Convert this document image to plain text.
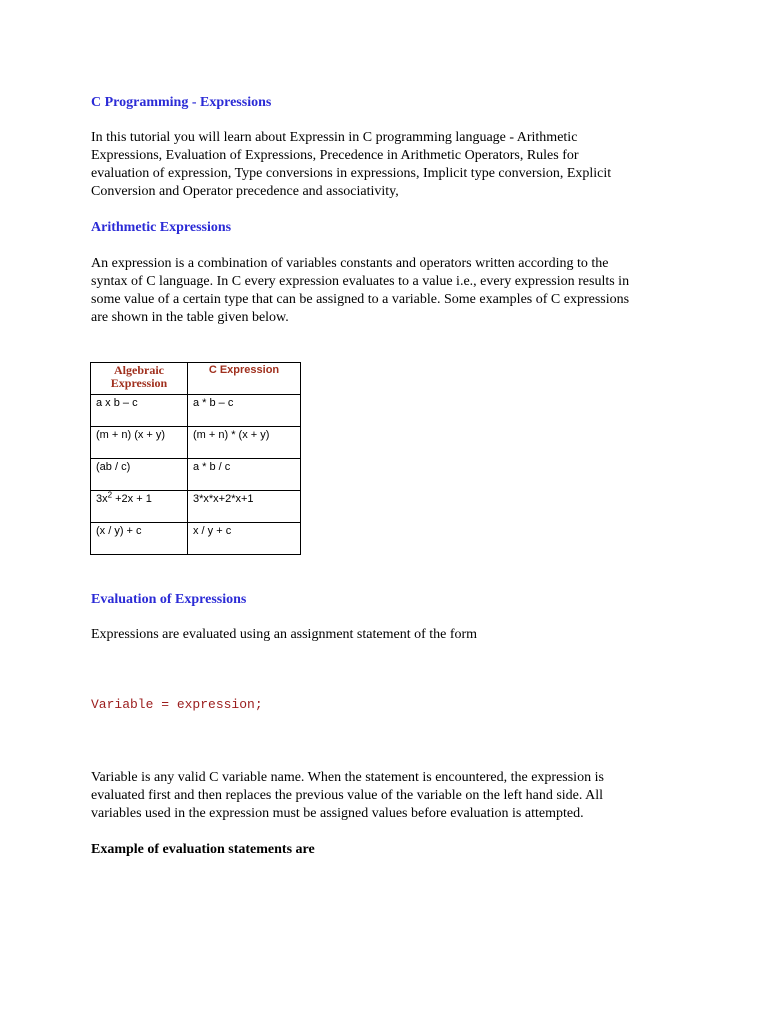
C Programming - Expressions

In this tutorial you will learn about Expressin in C programming language - Arithmetic
Expressions, Evaluation of Expressions, Precedence in Arithmetic Operators, Rules for
evaluation of expression, Type conversions in expressions, Implicit type conversion, Explicit
Conversion and Operator precedence and associativity,

Arithmetic Expressions

An expression is a combination of variables constants and operators written according to the
syntax of C language. In C every expression evaluates to a value i.e., every expression results in
some value of a certain type that can be assigned to a variable. Some examples of C expressions
are shown in the table given below.

Algebraic
Expression	C Expression
a x b – c	a * b – c
(m + n) (x + y)	(m + n) * (x + y)
(ab / c)	a * b / c
$3x^2 +2x + 1$	3*x*x+2*x+1
(x / y) + c	x / y + c
Evaluation of Expressions

Expressions are evaluated using an assignment statement of the form

Variable = expression;

Variable is any valid C variable name. When the statement is encountered, the expression is
evaluated first and then replaces the previous value of the variable on the left hand side. All
variables used in the expression must be assigned values before evaluation is attempted.

Example of evaluation statements are
